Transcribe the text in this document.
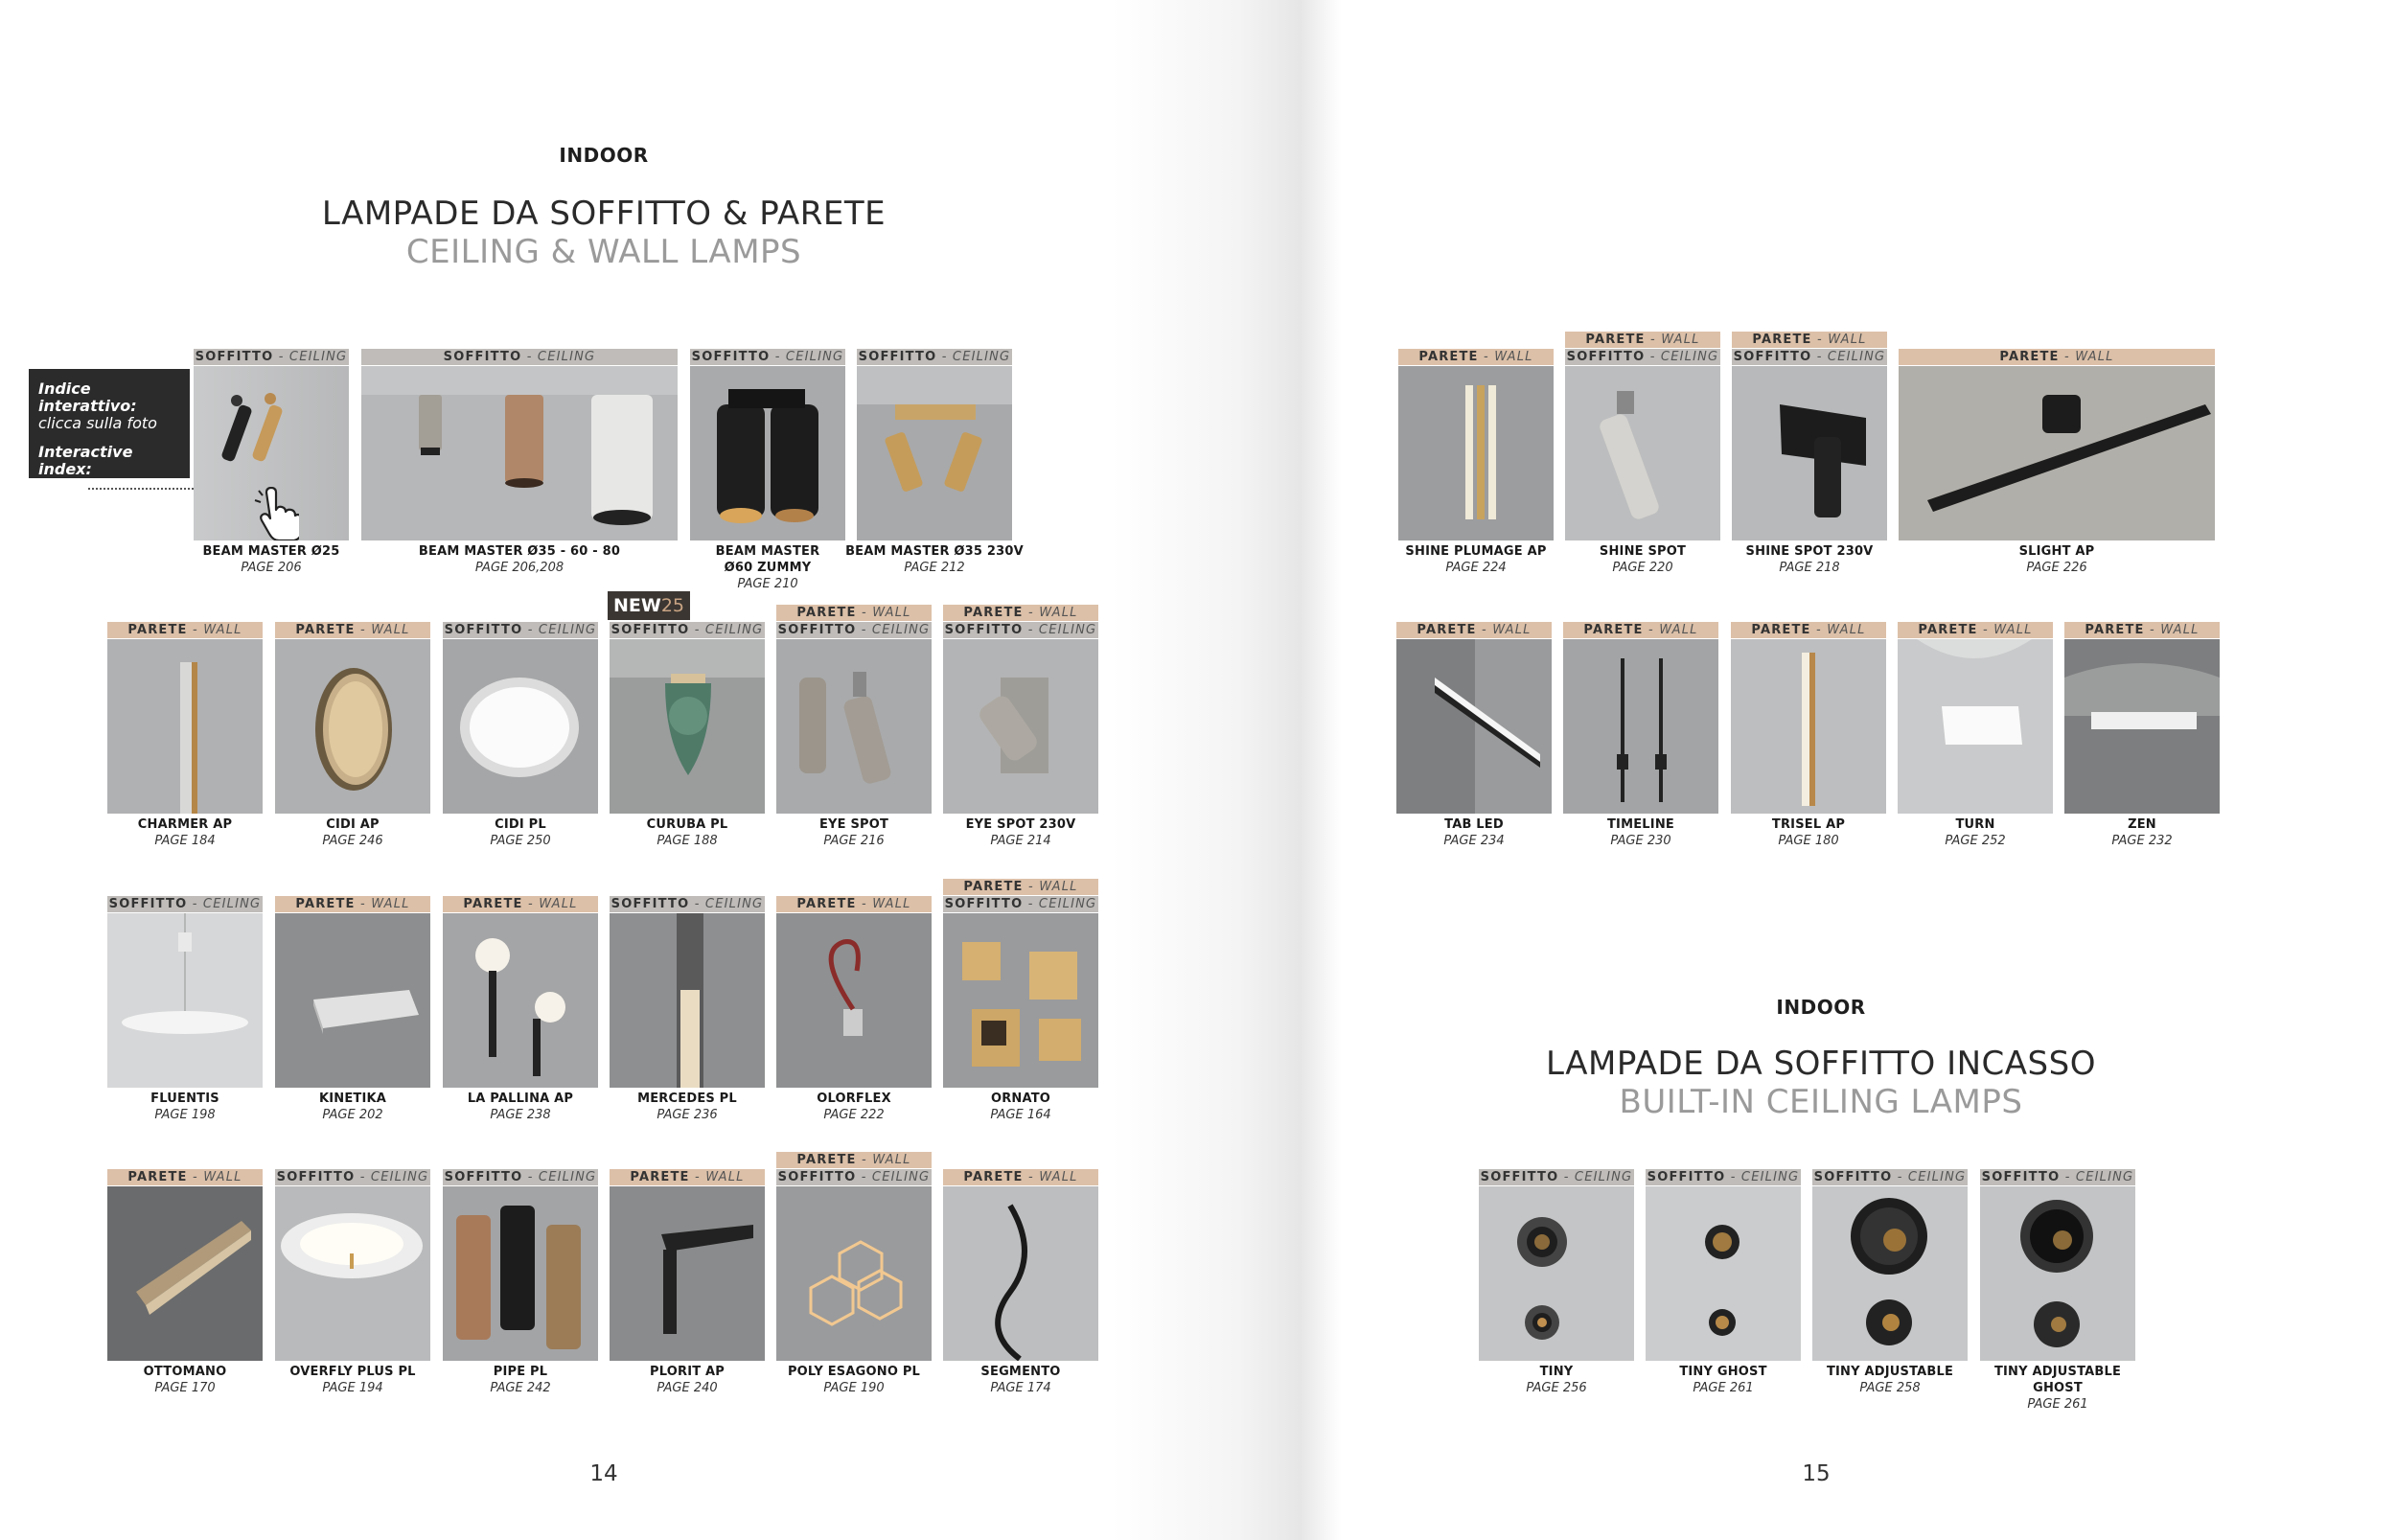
INDOOR
LAMPADE DA SOFFITTO & PARETE
CEILING & WALL LAMPS
Indice interattivo:
clicca sulla foto
Interactive index:
click on the photo
INDOOR
LAMPADE DA SOFFITTO INCASSO
BUILT-IN CEILING LAMPS
14	15
NEW25
SOFFITTO - CEILING
BEAM MASTER Ø25
PAGE 206
SOFFITTO - CEILING
BEAM MASTER Ø35 - 60 - 80
PAGE 206,208
SOFFITTO - CEILING
BEAM MASTER
Ø60 ZUMMY
PAGE 210
SOFFITTO - CEILING
BEAM MASTER Ø35 230V
PAGE 212
PARETE - WALL
CHARMER AP
PAGE 184
PARETE - WALL
CIDI AP
PAGE 246
SOFFITTO - CEILING
CIDI PL
PAGE 250
SOFFITTO - CEILING
CURUBA PL
PAGE 188
PARETE - WALL
SOFFITTO - CEILING
EYE SPOT
PAGE 216
PARETE - WALL
SOFFITTO - CEILING
EYE SPOT 230V
PAGE 214
SOFFITTO - CEILING
FLUENTIS
PAGE 198
PARETE - WALL
KINETIKA
PAGE 202
PARETE - WALL
LA PALLINA AP
PAGE 238
SOFFITTO - CEILING
MERCEDES PL
PAGE 236
PARETE - WALL
OLORFLEX
PAGE 222
PARETE - WALL
SOFFITTO - CEILING
ORNATO
PAGE 164
PARETE - WALL
OTTOMANO
PAGE 170
SOFFITTO - CEILING
OVERFLY PLUS PL
PAGE 194
SOFFITTO - CEILING
PIPE PL
PAGE 242
PARETE - WALL
PLORIT AP
PAGE 240
PARETE - WALL
SOFFITTO - CEILING
POLY ESAGONO PL
PAGE 190
PARETE - WALL
SEGMENTO
PAGE 174
PARETE - WALL
SHINE PLUMAGE AP
PAGE 224
PARETE - WALL
SOFFITTO - CEILING
SHINE SPOT
PAGE 220
PARETE - WALL
SOFFITTO - CEILING
SHINE SPOT 230V
PAGE 218
PARETE - WALL
SLIGHT AP
PAGE 226
PARETE - WALL
TAB LED
PAGE 234
PARETE - WALL
TIMELINE
PAGE 230
PARETE - WALL
TRISEL AP
PAGE 180
PARETE - WALL
TURN
PAGE 252
PARETE - WALL
ZEN
PAGE 232
SOFFITTO - CEILING
TINY
PAGE 256
SOFFITTO - CEILING
TINY GHOST
PAGE 261
SOFFITTO - CEILING
TINY ADJUSTABLE
PAGE 258
SOFFITTO - CEILING
TINY ADJUSTABLE
GHOST
PAGE 261
